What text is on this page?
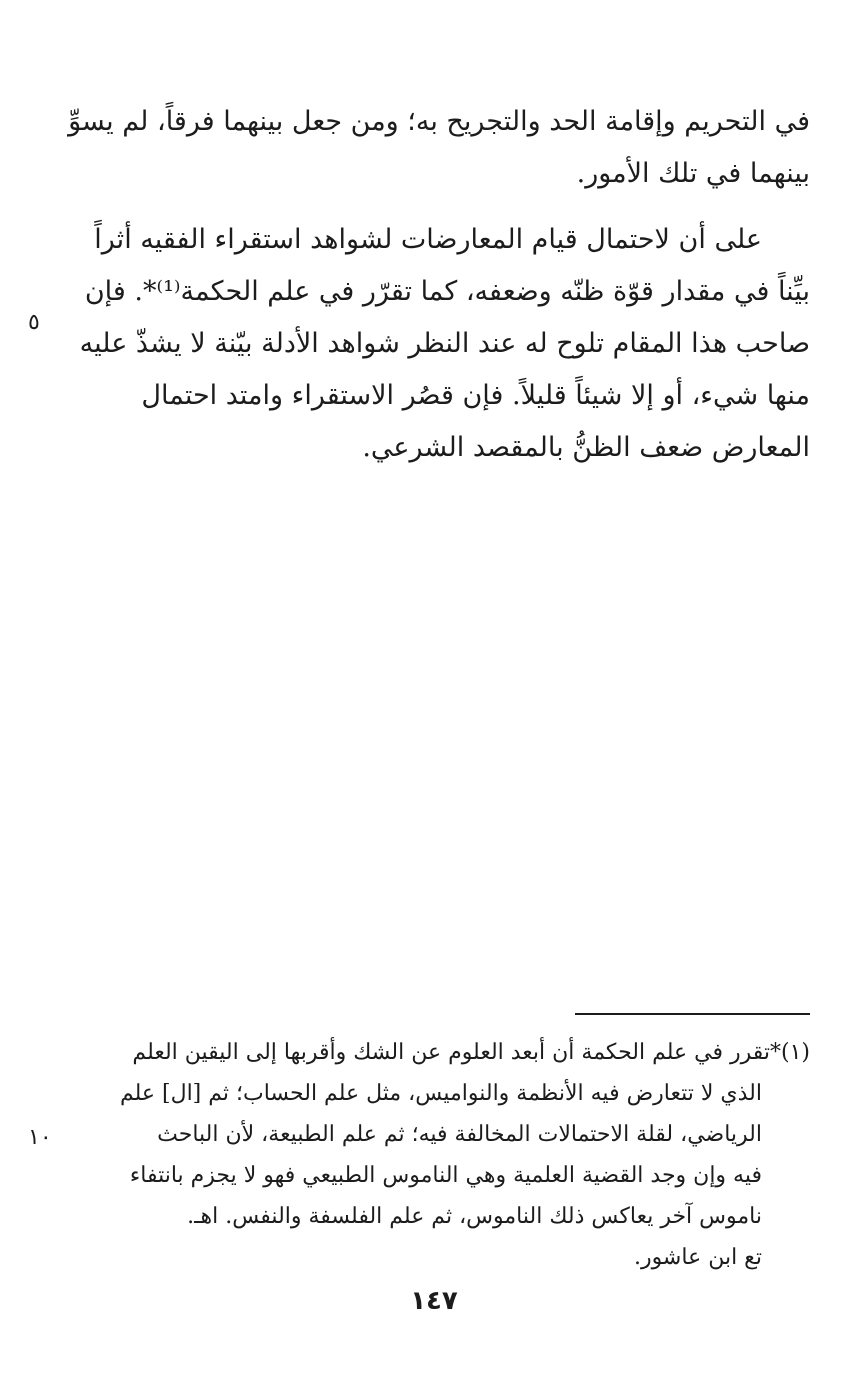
في التحريم وإقامة الحد والتجريح به؛ ومن جعل بينهما فرقاً، لم يسوِّ
بينهما في تلك الأمور.
على أن لاحتمال قيام المعارضات لشواهد استقراء الفقيه أثراً
بيِّناً في مقدار قوّة ظنّه وضعفه، كما تقرّر في علم الحكمة⁽¹⁾*. فإن
صاحب هذا المقام تلوح له عند النظر شواهد الأدلة بيّنة لا يشذّ عليه
منها شيء، أو إلا شيئاً قليلاً. فإن قصُر الاستقراء وامتد احتمال
المعارض ضعف الظنُّ بالمقصد الشرعي.
٥
(١)*تقرر في علم الحكمة أن أبعد العلوم عن الشك وأقربها إلى اليقين العلم
الذي لا تتعارض فيه الأنظمة والنواميس، مثل علم الحساب؛ ثم [ال] علم
الرياضي، لقلة الاحتمالات المخالفة فيه؛ ثم علم الطبيعة، لأن الباحث
فيه وإن وجد القضية العلمية وهي الناموس الطبيعي فهو لا يجزم بانتفاء
ناموس آخر يعاكس ذلك الناموس، ثم علم الفلسفة والنفس. اهـ.
تع ابن عاشور.
١٠
١٤٧
